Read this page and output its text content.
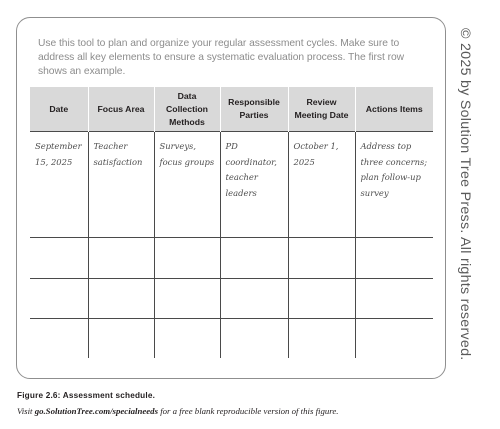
Use this tool to plan and organize your regular assessment cycles. Make sure to address all key elements to ensure a systematic evaluation process. The first row shows an example.
Date	Focus Area	Data Collection Methods	Responsible Parties	Review Meeting Date	Actions Items
September 15, 2025	Teacher satisfaction	Surveys, focus groups	PD coordinator, teacher leaders	October 1, 2025	Address top three concerns; plan follow-up survey

						© 2025 by Solution Tree Press. All rights reserved.
Figure 2.6: Assessment schedule.
Visit go.SolutionTree.com/specialneeds for a free blank reproducible version of this figure.
